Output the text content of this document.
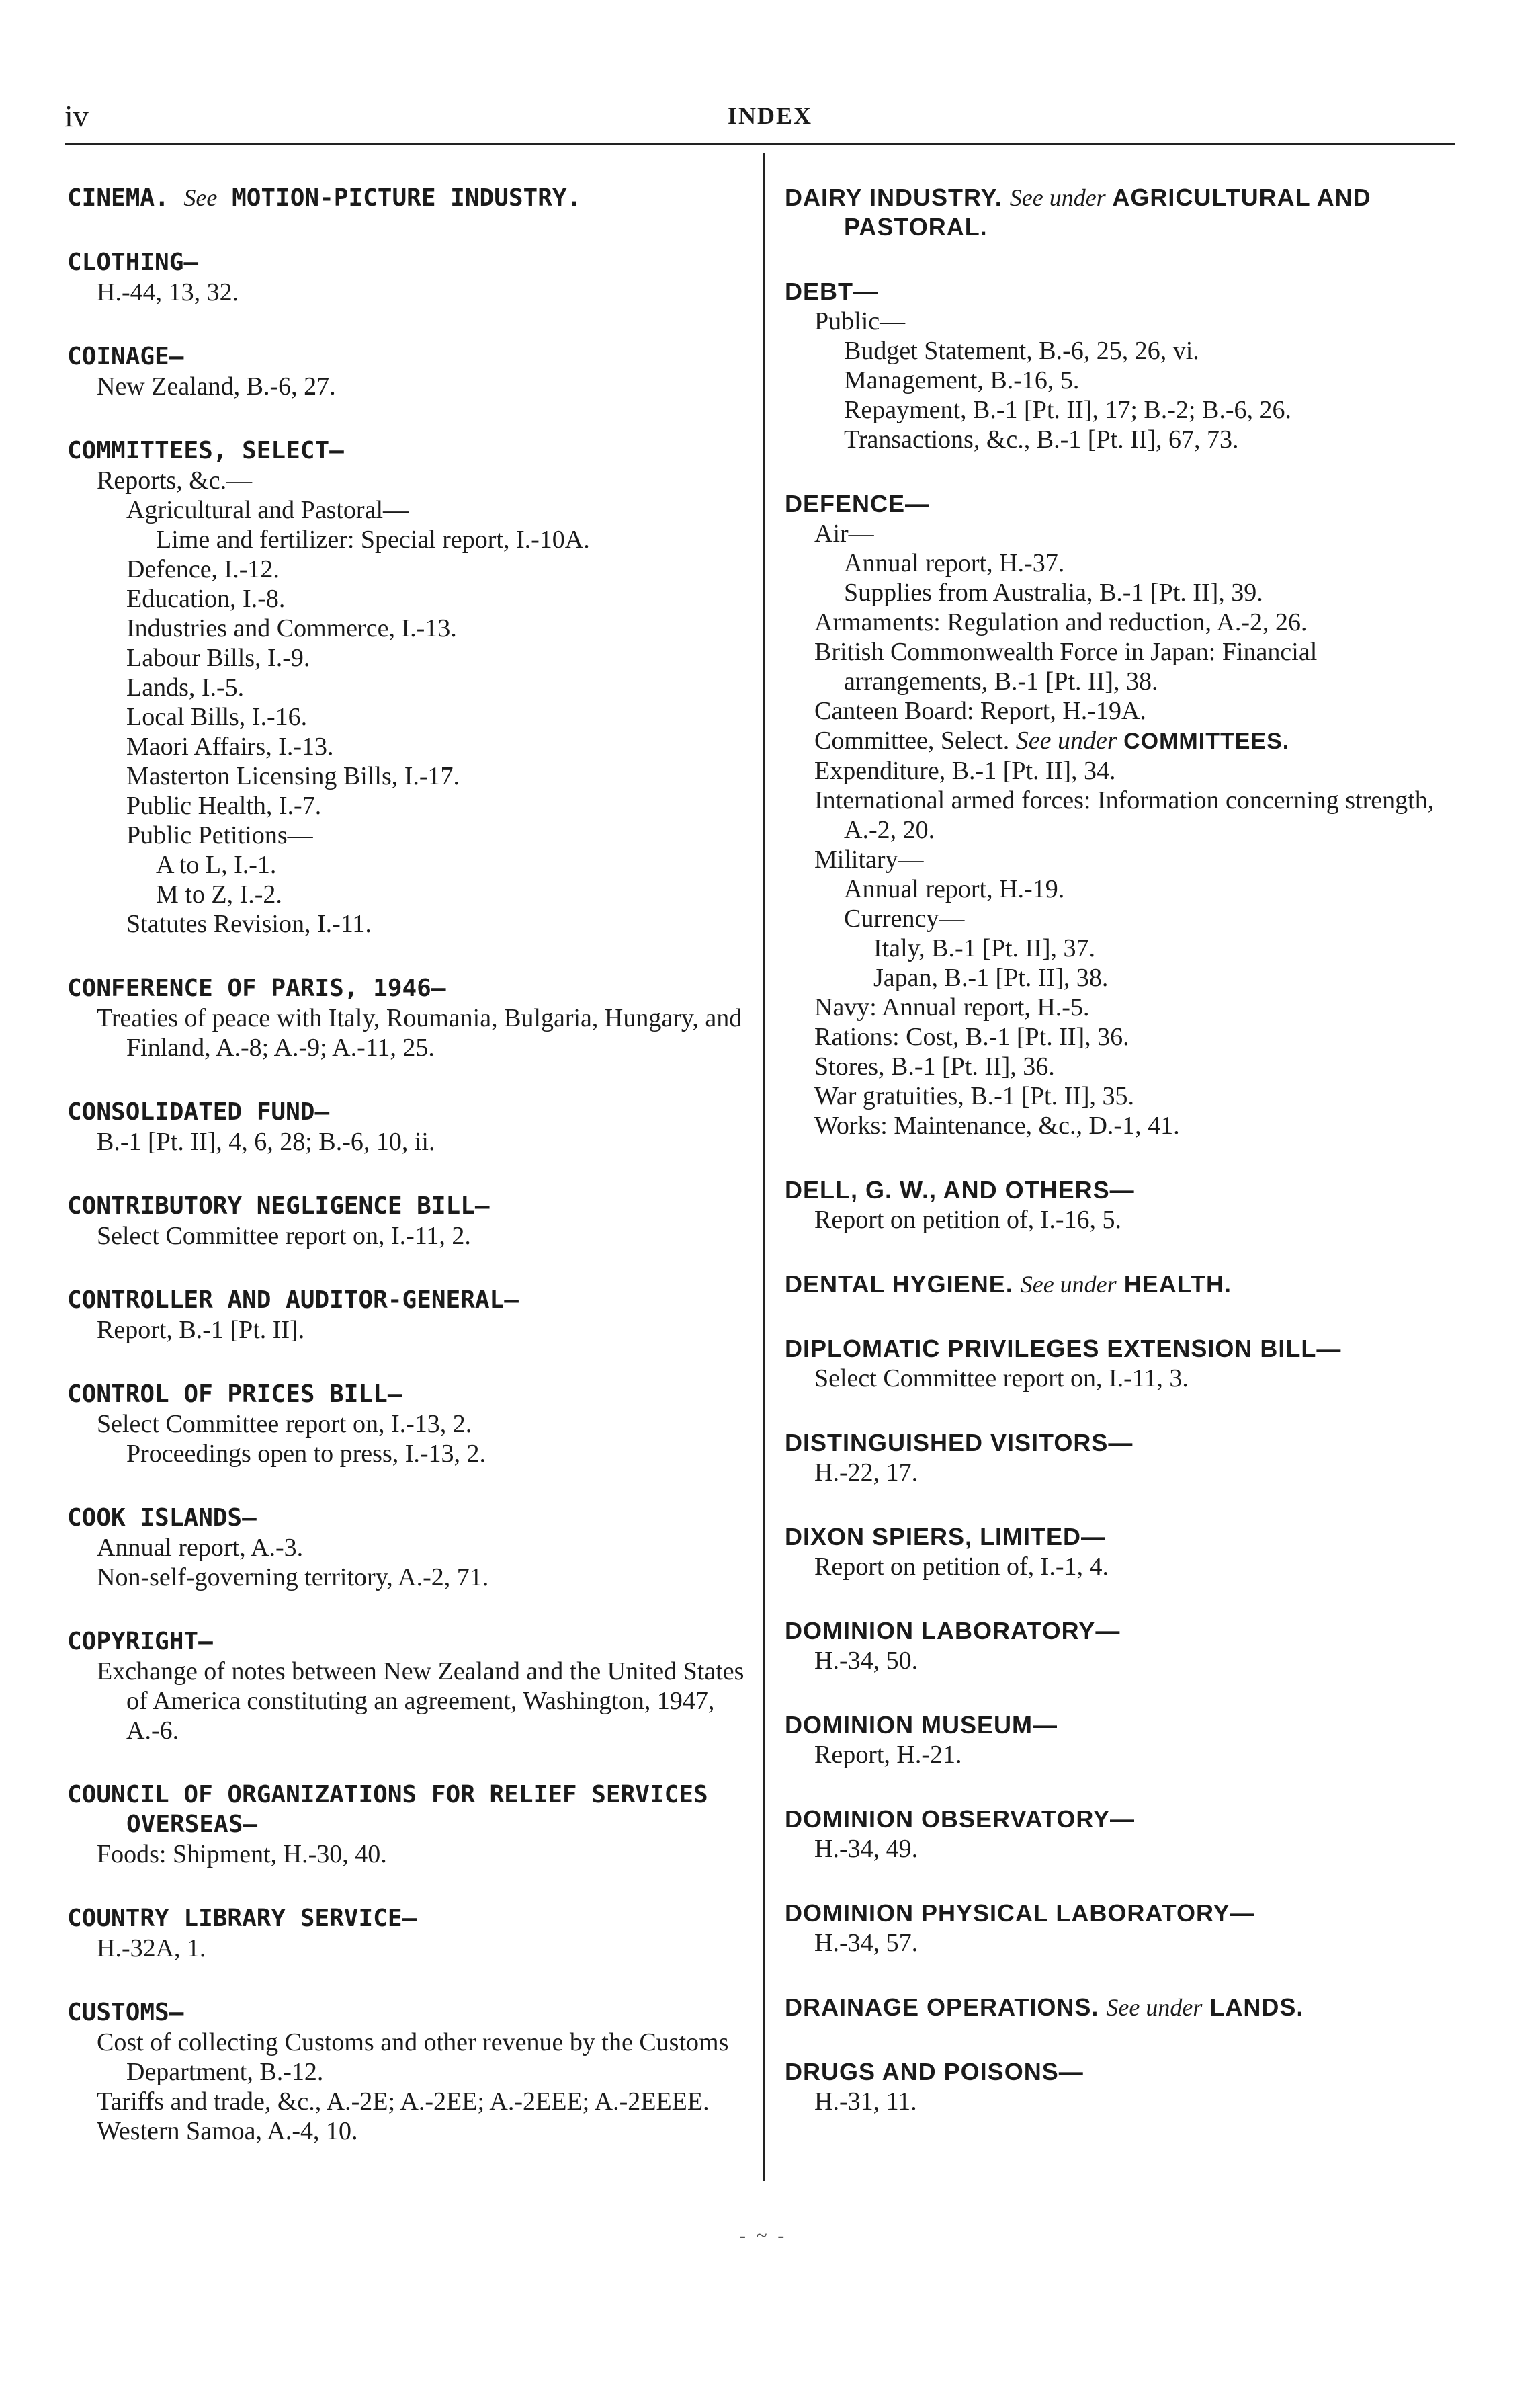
iv	INDEX
CINEMA. See MOTION-PICTURE INDUSTRY.
CLOTHING—
H.-44, 13, 32.
COINAGE—
New Zealand, B.-6, 27.
COMMITTEES, SELECT—
Reports, &c.—
Agricultural and Pastoral—
Lime and fertilizer: Special report, I.-10A.
Defence, I.-12.
Education, I.-8.
Industries and Commerce, I.-13.
Labour Bills, I.-9.
Lands, I.-5.
Local Bills, I.-16.
Maori Affairs, I.-13.
Masterton Licensing Bills, I.-17.
Public Health, I.-7.
Public Petitions—
A to L, I.-1.
M to Z, I.-2.
Statutes Revision, I.-11.
CONFERENCE OF PARIS, 1946—
Treaties of peace with Italy, Roumania, Bulgaria, Hungary, and Finland, A.-8; A.-9; A.-11, 25.
CONSOLIDATED FUND—
B.-1 [Pt. II], 4, 6, 28; B.-6, 10, ii.
CONTRIBUTORY NEGLIGENCE BILL—
Select Committee report on, I.-11, 2.
CONTROLLER AND AUDITOR-GENERAL—
Report, B.-1 [Pt. II].
CONTROL OF PRICES BILL—
Select Committee report on, I.-13, 2.
Proceedings open to press, I.-13, 2.
COOK ISLANDS—
Annual report, A.-3.
Non-self-governing territory, A.-2, 71.
COPYRIGHT—
Exchange of notes between New Zealand and the United States of America constituting an agreement, Washington, 1947, A.-6.
COUNCIL OF ORGANIZATIONS FOR RELIEF SERVICES OVERSEAS—
Foods: Shipment, H.-30, 40.
COUNTRY LIBRARY SERVICE—
H.-32A, 1.
CUSTOMS—
Cost of collecting Customs and other revenue by the Customs Department, B.-12.
Tariffs and trade, &c., A.-2E; A.-2EE; A.-2EEE; A.-2EEEE.
Western Samoa, A.-4, 10.
DAIRY INDUSTRY. See under AGRICULTURAL AND PASTORAL.
DEBT—
Public—
Budget Statement, B.-6, 25, 26, vi.
Management, B.-16, 5.
Repayment, B.-1 [Pt. II], 17; B.-2; B.-6, 26.
Transactions, &c., B.-1 [Pt. II], 67, 73.
DEFENCE—
Air—
Annual report, H.-37.
Supplies from Australia, B.-1 [Pt. II], 39.
Armaments: Regulation and reduction, A.-2, 26.
British Commonwealth Force in Japan: Financial arrangements, B.-1 [Pt. II], 38.
Canteen Board: Report, H.-19A.
Committee, Select. See under COMMITTEES.
Expenditure, B.-1 [Pt. II], 34.
International armed forces: Information concerning strength, A.-2, 20.
Military—
Annual report, H.-19.
Currency—
Italy, B.-1 [Pt. II], 37.
Japan, B.-1 [Pt. II], 38.
Navy: Annual report, H.-5.
Rations: Cost, B.-1 [Pt. II], 36.
Stores, B.-1 [Pt. II], 36.
War gratuities, B.-1 [Pt. II], 35.
Works: Maintenance, &c., D.-1, 41.
DELL, G. W., AND OTHERS—
Report on petition of, I.-16, 5.
DENTAL HYGIENE. See under HEALTH.
DIPLOMATIC PRIVILEGES EXTENSION BILL—
Select Committee report on, I.-11, 3.
DISTINGUISHED VISITORS—
H.-22, 17.
DIXON SPIERS, LIMITED—
Report on petition of, I.-1, 4.
DOMINION LABORATORY—
H.-34, 50.
DOMINION MUSEUM—
Report, H.-21.
DOMINION OBSERVATORY—
H.-34, 49.
DOMINION PHYSICAL LABORATORY—
H.-34, 57.
DRAINAGE OPERATIONS. See under LANDS.
DRUGS AND POISONS—
H.-31, 11.
- ~ -
